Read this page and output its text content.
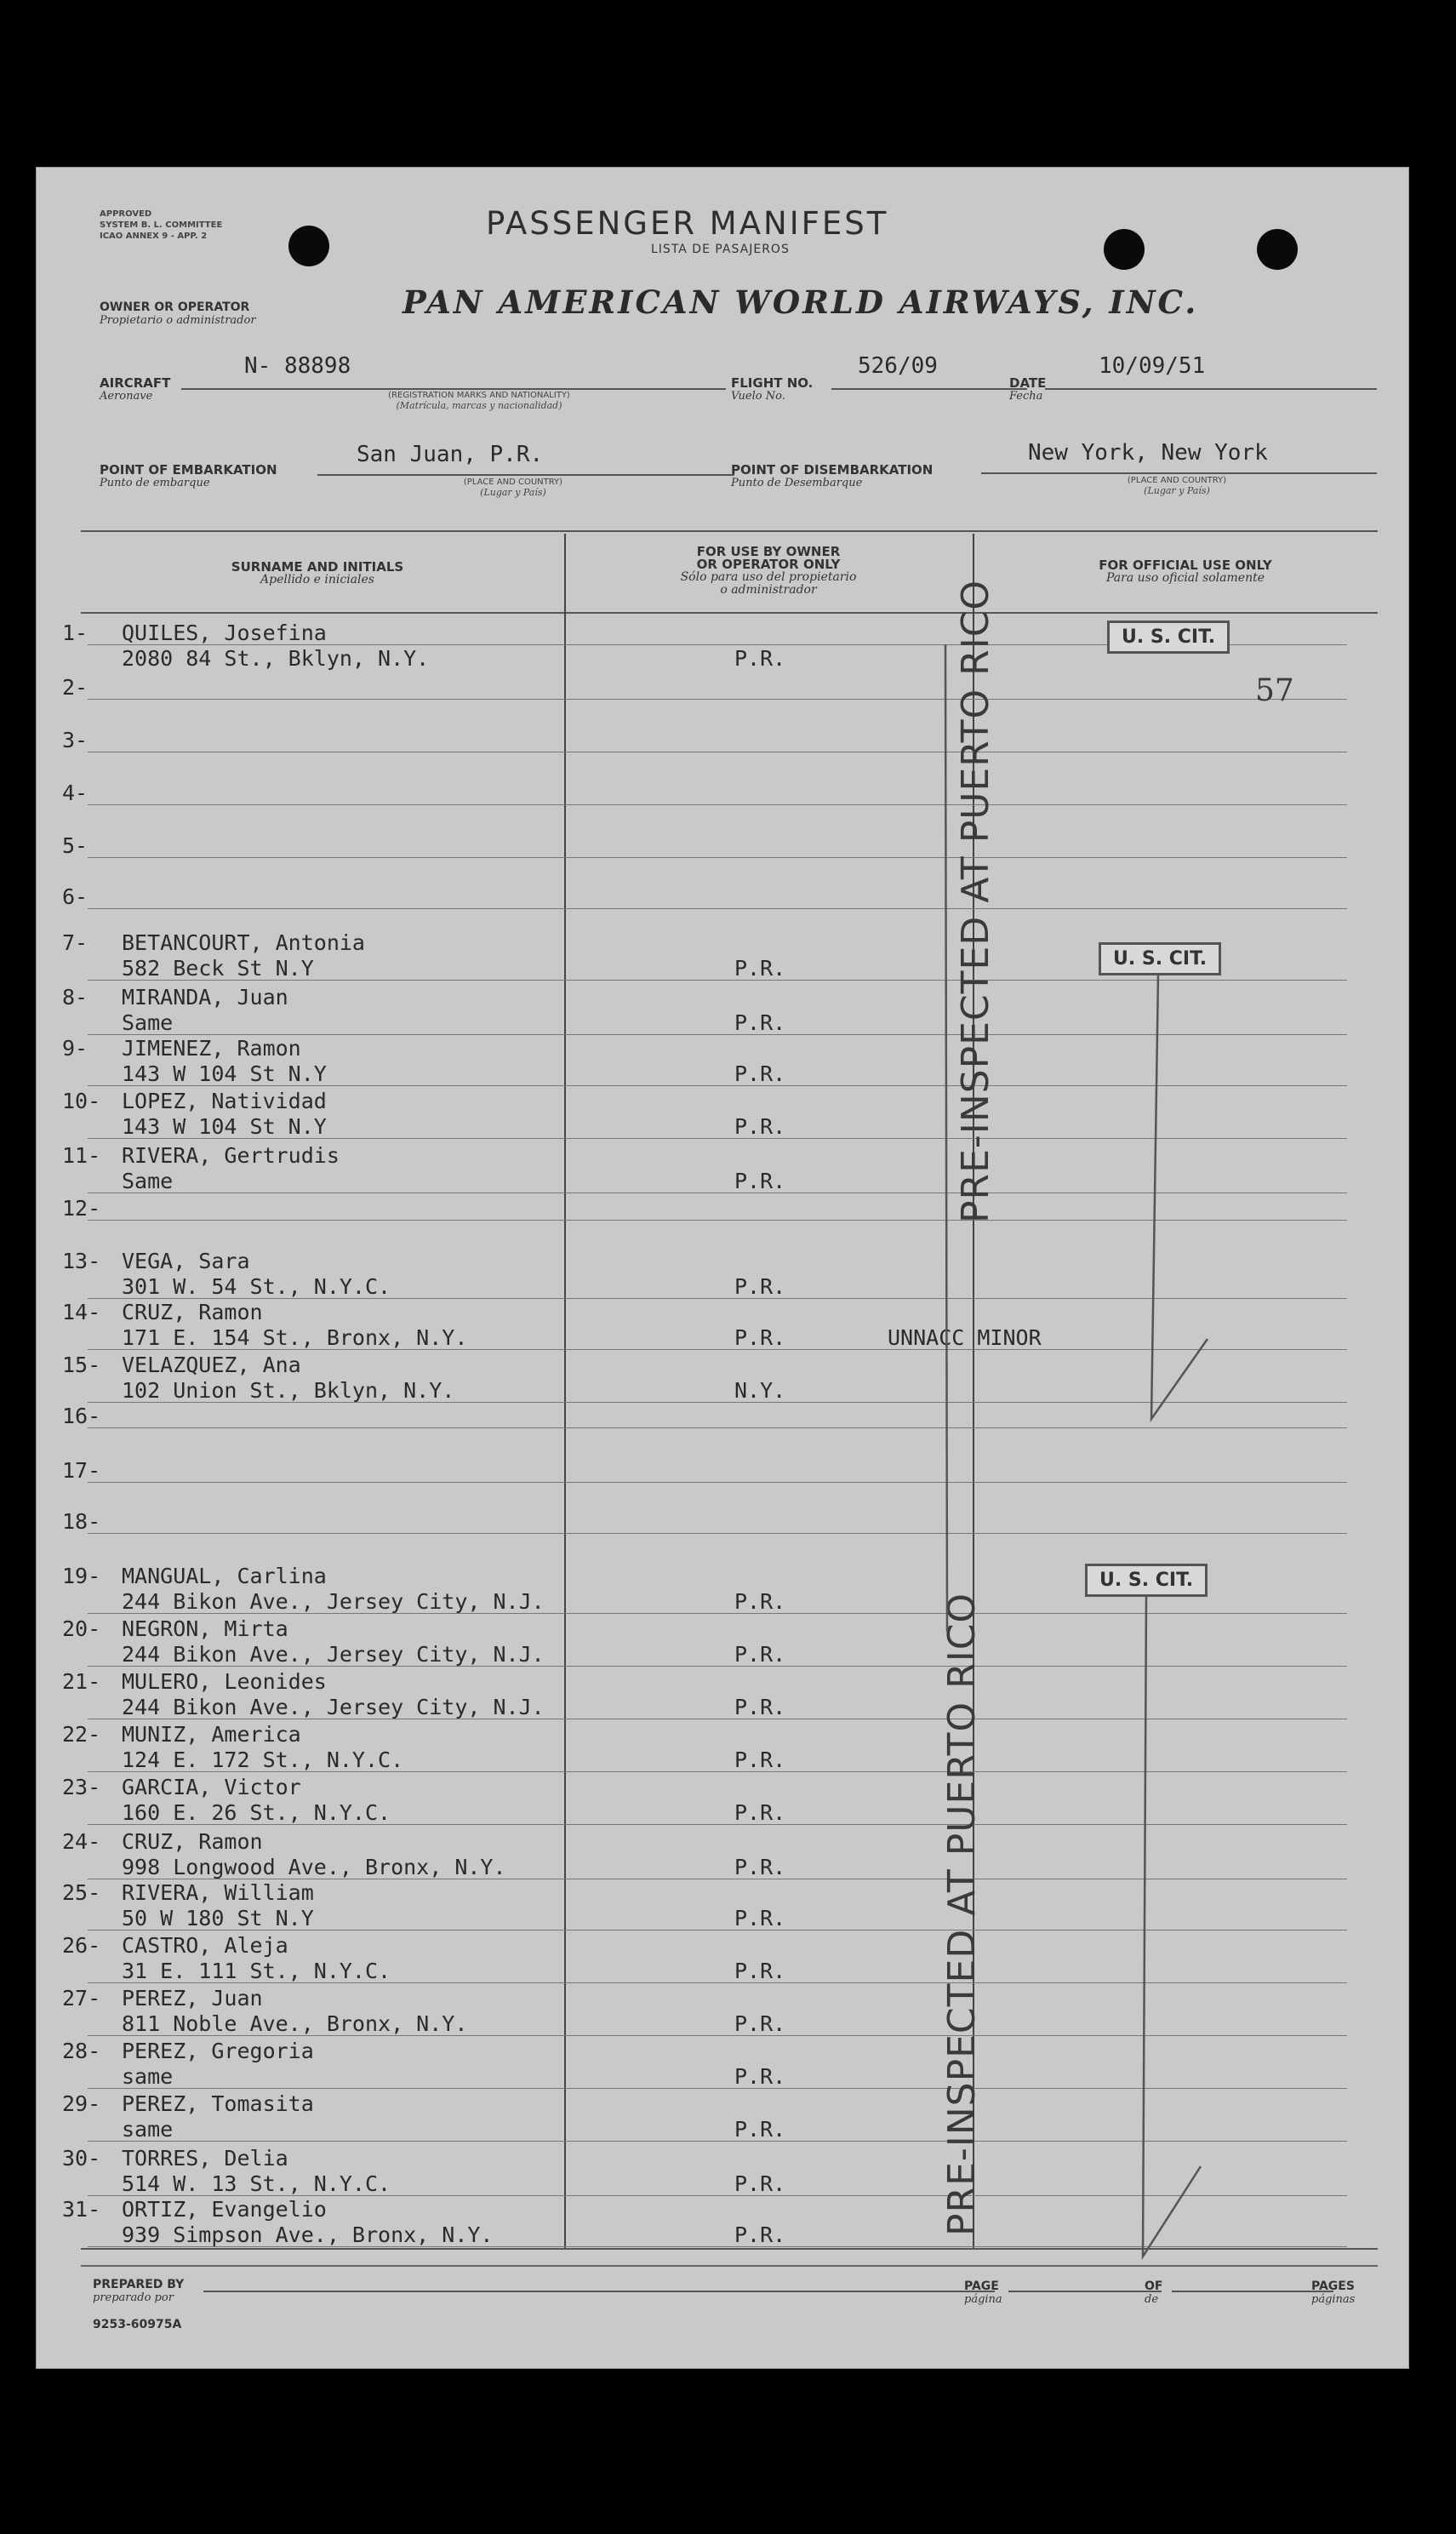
APPROVED
SYSTEM B. L. COMMITTEE
ICAO ANNEX 9 - APP. 2	PASSENGER MANIFEST
LISTA DE PASAJEROS
OWNER OR OPERATOR
Propietario o administrador	PAN AMERICAN WORLD AIRWAYS, INC.
AIRCRAFT
Aeronave
N- 88898
(REGISTRATION MARKS AND NATIONALITY)
(Matrícula, marcas y nacionalidad)
FLIGHT NO.
Vuelo No.
526/09
DATE
Fecha
10/09/51
POINT OF EMBARKATION
Punto de embarque
San Juan, P.R.
(PLACE AND COUNTRY)
(Lugar y País)
POINT OF DISEMBARKATION
Punto de Desembarque
New York, New York
(PLACE AND COUNTRY)
(Lugar y País)
SURNAME AND INITIALS
Apellido e iniciales
FOR USE BY OWNER
OR OPERATOR ONLY
Sólo para uso del propietario
o administrador
FOR OFFICIAL USE ONLY
Para uso oficial solamente
1- QUILES, Josefina
2080 84 St., Bklyn, N.Y.	P.R.
2-
3-
4-
5-
6-
7- BETANCOURT, Antonia
582 Beck St N.Y	P.R.
8- MIRANDA, Juan
Same	P.R.
9- JIMENEZ, Ramon
143 W 104 St N.Y	P.R.
10- LOPEZ, Natividad
143 W 104 St N.Y	P.R.
11- RIVERA, Gertrudis
Same	P.R.
12-
13- VEGA, Sara
301 W. 54 St., N.Y.C.	P.R.
14- CRUZ, Ramon
171 E. 154 St., Bronx, N.Y.	P.R.	UNNACC MINOR
15- VELAZQUEZ, Ana
102 Union St., Bklyn, N.Y.	N.Y.
16-
17-
18-
19- MANGUAL, Carlina
244 Bikon Ave., Jersey City, N.J.	P.R.
20- NEGRON, Mirta
244 Bikon Ave., Jersey City, N.J.	P.R.
21- MULERO, Leonides
244 Bikon Ave., Jersey City, N.J.	P.R.
22- MUNIZ, America
124 E. 172 St., N.Y.C.	P.R.
23- GARCIA, Victor
160 E. 26 St., N.Y.C.	P.R.
24- CRUZ, Ramon
998 Longwood Ave., Bronx, N.Y.	P.R.
25- RIVERA, William
50 W 180 St N.Y	P.R.
26- CASTRO, Aleja
31 E. 111 St., N.Y.C.	P.R.
27- PEREZ, Juan
811 Noble Ave., Bronx, N.Y.	P.R.
28- PEREZ, Gregoria
same	P.R.
29- PEREZ, Tomasita
same	P.R.
30- TORRES, Delia
514 W. 13 St., N.Y.C.	P.R.
31- ORTIZ, Evangelio
939 Simpson Ave., Bronx, N.Y.	P.R.
U. S. CIT.
57
U. S. CIT.
U. S. CIT.
PRE-INSPECTED AT PUERTO RICO
PRE-INSPECTED AT PUERTO RICO
PREPARED BY
preparado por
PAGE
página
OF
de
PAGES
páginas
9253-60975A
